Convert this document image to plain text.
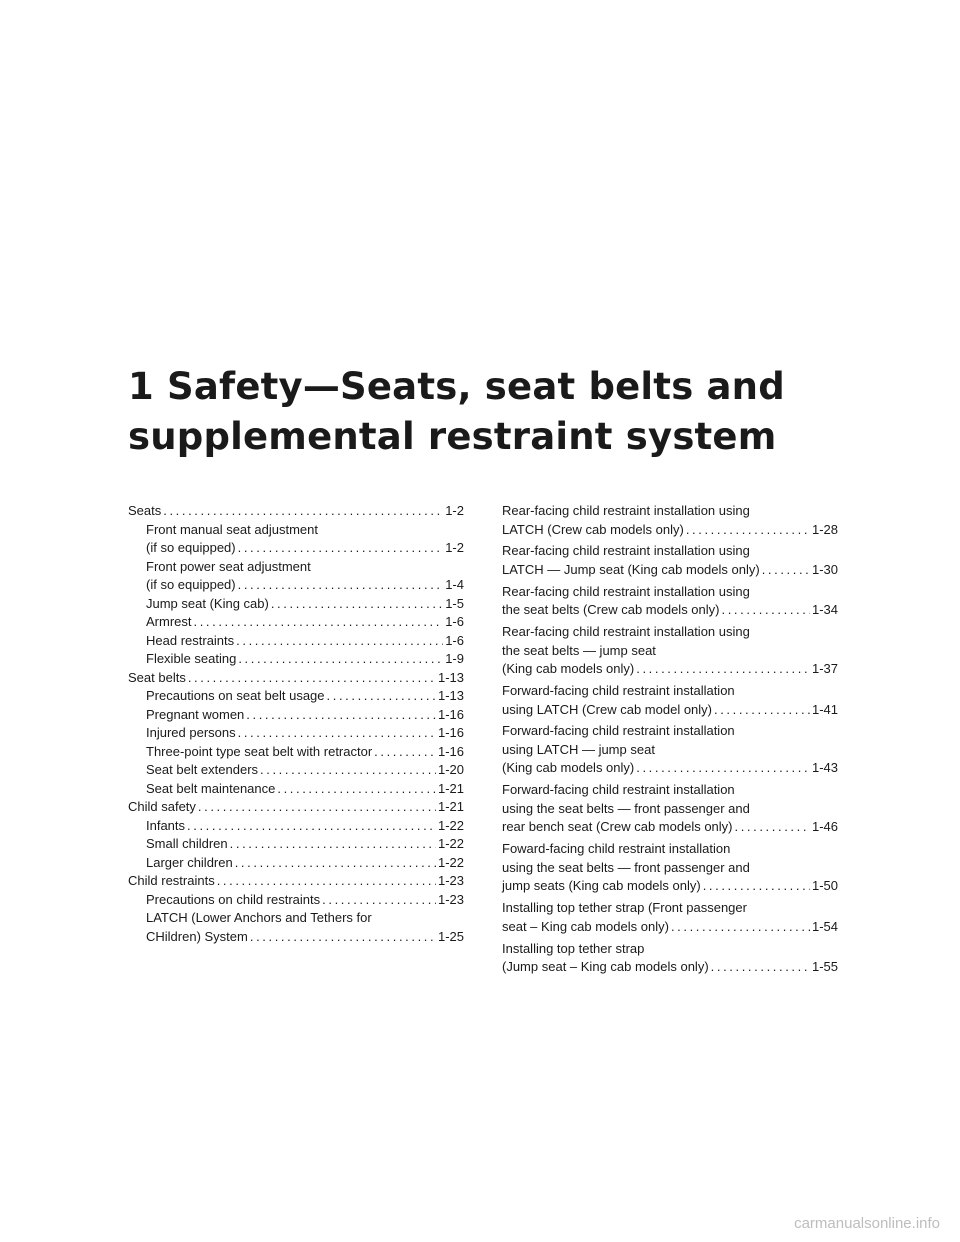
1 Safety—Seats, seat belts and
supplemental restraint system
Seats .....	1-2
Front manual seat adjustment
(if so equipped) .....	1-2
Front power seat adjustment
(if so equipped) .....	1-4
Jump seat (King cab) .....	1-5
Armrest .....	1-6
Head restraints .....	1-6
Flexible seating .....	1-9
Seat belts .....	1-13
Precautions on seat belt usage .....	1-13
Pregnant women .....	1-16
Injured persons .....	1-16
Three-point type seat belt with retractor .....	1-16
Seat belt extenders .....	1-20
Seat belt maintenance .....	1-21
Child safety .....	1-21
Infants .....	1-22
Small children .....	1-22
Larger children .....	1-22
Child restraints .....	1-23
Precautions on child restraints .....	1-23
LATCH (Lower Anchors and Tethers for
CHildren) System .....	1-25
Rear-facing child restraint installation using
LATCH (Crew cab models only) .....	1-28
Rear-facing child restraint installation using
LATCH — Jump seat (King cab models only) .....	1-30
Rear-facing child restraint installation using
the seat belts (Crew cab models only) .....	1-34
Rear-facing child restraint installation using
the seat belts — jump seat
(King cab models only) .....	1-37
Forward-facing child restraint installation
using LATCH (Crew cab model only) .....	1-41
Forward-facing child restraint installation
using LATCH — jump seat
(King cab models only) .....	1-43
Forward-facing child restraint installation
using the seat belts — front passenger and
rear bench seat (Crew cab models only) .....	1-46
Foward-facing child restraint installation
using the seat belts — front passenger and
jump seats (King cab models only) .....	1-50
Installing top tether strap (Front passenger
seat – King cab models only) .....	1-54
Installing top tether strap
(Jump seat – King cab models only) .....	1-55
carmanualsonline.info
